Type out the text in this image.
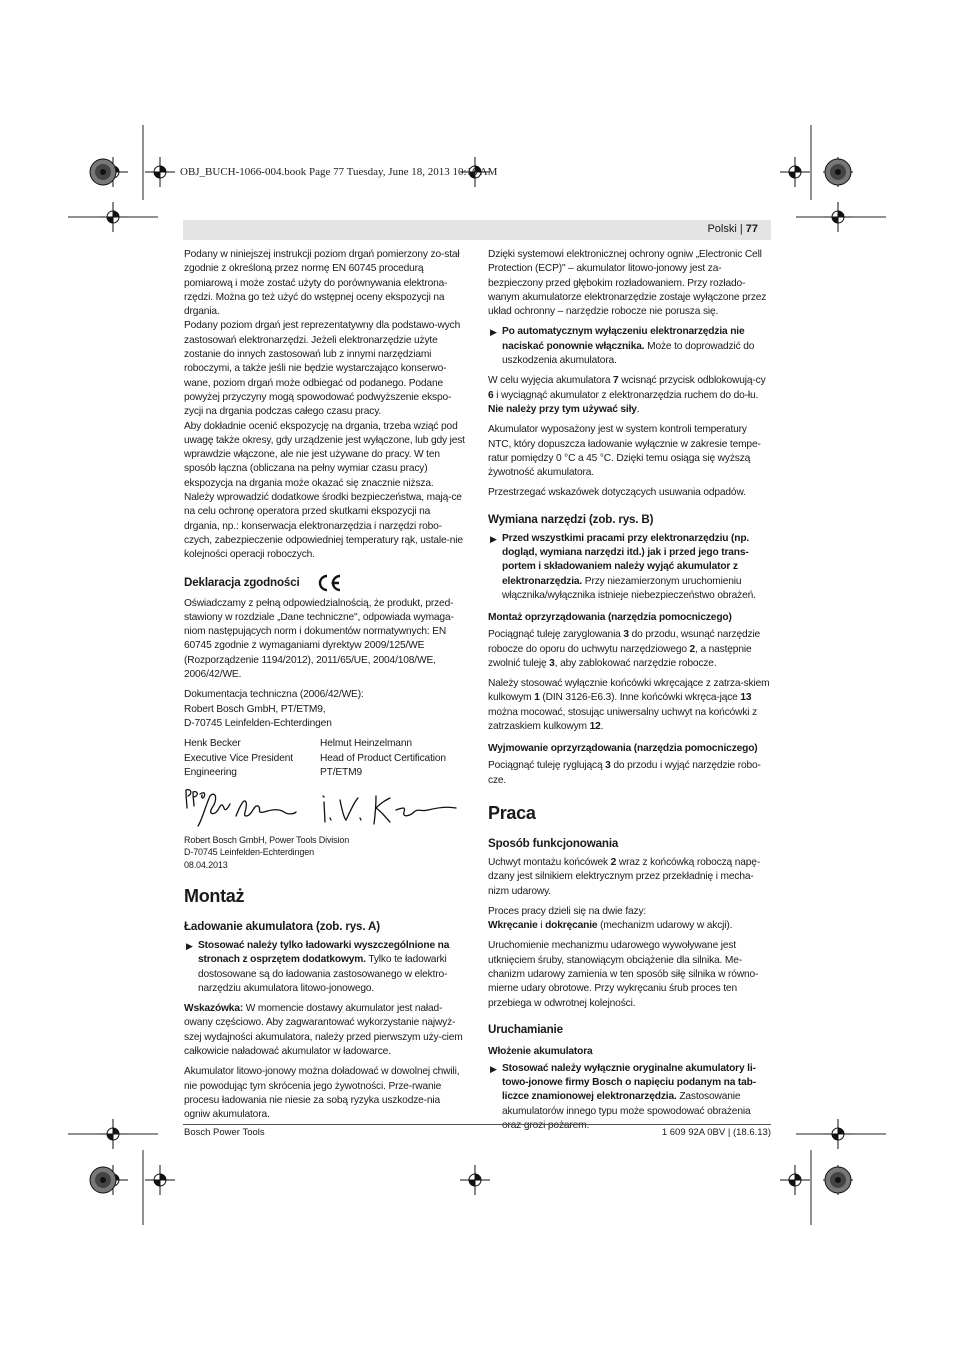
OBJ_BUCH-1066-004.book Page 77 Tuesday, June 18, 2013 10:16 AM
Polski | 77

Podany w niniejszej instrukcji poziom drgań pomierzony zo-stał zgodnie z określoną przez normę EN 60745 procedurą pomiarową i może zostać użyty do porównywania elektrona-rzędzi. Można go też użyć do wstępnej oceny ekspozycji na drgania.

Podany poziom drgań jest reprezentatywny dla podstawo-wych zastosowań elektronarzędzi. Jeżeli elektronarzędzie użyte zostanie do innych zastosowań lub z innymi narzędziami roboczymi, a także jeśli nie będzie wystarczająco konserwo-wane, poziom drgań może odbiegać od podanego. Podane powyżej przyczyny mogą spowodować podwyższenie ekspo-zycji na drgania podczas całego czasu pracy.

Aby dokładnie ocenić ekspozycję na drgania, trzeba wziąć pod uwagę także okresy, gdy urządzenie jest wyłączone, lub gdy jest wprawdzie włączone, ale nie jest używane do pracy. W ten sposób łączna (obliczana na pełny wymiar czasu pracy) ekspozycja na drgania może okazać się znacznie niższa.

Należy wprowadzić dodatkowe środki bezpieczeństwa, mają-ce na celu ochronę operatora przed skutkami ekspozycji na drgania, np.: konserwacja elektronarzędzia i narzędzi robo-czych, zabezpieczenie odpowiedniej temperatury rąk, ustale-nie kolejności operacji roboczych.

Deklaracja zgodności

Oświadczamy z pełną odpowiedzialnością, że produkt, przed-stawiony w rozdziale „Dane techniczne", odpowiada wymaga-niom następujących norm i dokumentów normatywnych: EN 60745 zgodnie z wymaganiami dyrektyw 2009/125/WE (Rozporządzenie 1194/2012), 2011/65/UE, 2004/108/WE, 2006/42/WE.

Dokumentacja techniczna (2006/42/WE):

Robert Bosch GmbH, PT/ETM9,

D-70745 Leinfelden-Echterdingen

Henk Becker	Helmut Heinzelmann
Executive Vice President	Head of Product Certification
Engineering	PT/ETM9

Robert Bosch GmbH, Power Tools Division

D-70745 Leinfelden-Echterdingen

08.04.2013

Montaż
Ładowanie akumulatora (zob. rys. A)
▶ Stosować należy tylko ładowarki wyszczególnione na stronach z osprzętem dodatkowym. Tylko te ładowarki dostosowane są do ładowania zastosowanego w elektro-narzędziu akumulatora litowo-jonowego.

Wskazówka: W momencie dostawy akumulator jest naład-owany częściowo. Aby zagwarantować wykorzystanie najwyż-szej wydajności akumulatora, należy przed pierwszym uży-ciem całkowicie naładować akumulator w ładowarce.

Akumulator litowo-jonowy można doładować w dowolnej chwili, nie powodując tym skrócenia jego żywotności. Prze-rwanie procesu ładowania nie niesie za sobą ryzyka uszkodze-nia ogniw akumulatora.

Dzięki systemowi elektronicznej ochrony ogniw „Electronic Cell Protection (ECP)" – akumulator litowo-jonowy jest za-bezpieczony przed głębokim rozładowaniem. Przy rozłado-wanym akumulatorze elektronarzędzie zostaje wyłączone przez układ ochronny – narzędzie robocze nie porusza się.

▶ Po automatycznym wyłączeniu elektronarzędzia nie naciskać ponownie włącznika. Może to doprowadzić do uszkodzenia akumulatora.

W celu wyjęcia akumulatora 7 wcisnąć przycisk odblokowują-cy 6 i wyciągnąć akumulator z elektronarzędzia ruchem do do-łu. Nie należy przy tym używać siły.

Akumulator wyposażony jest w system kontroli temperatury NTC, który dopuszcza ładowanie wyłącznie w zakresie tempe-ratur pomiędzy 0 °C a 45 °C. Dzięki temu osiąga się wyższą żywotność akumulatora.

Przestrzegać wskazówek dotyczących usuwania odpadów.

Wymiana narzędzi (zob. rys. B)
▶ Przed wszystkimi pracami przy elektronarzędziu (np. dogląd, wymiana narzędzi itd.) jak i przed jego trans-portem i składowaniem należy wyjąć akumulator z elektronarzędzia. Przy niezamierzonym uruchomieniu włącznika/wyłącznika istnieje niebezpieczeństwo obrażeń.
Montaż oprzyrządowania (narzędzia pomocniczego)

Pociągnąć tuleję zaryglowania 3 do przodu, wsunąć narzędzie robocze do oporu do uchwytu narzędziowego 2, a następnie zwolnić tuleję 3, aby zablokować narzędzie robocze.

Należy stosować wyłącznie końcówki wkręcające z zatrza-skiem kulkowym 1 (DIN 3126-E6.3). Inne końcówki wkręca-jące 13 można mocować, stosując uniwersalny uchwyt na końcówki z zatrzaskiem kulkowym 12.

Wyjmowanie oprzyrządowania (narzędzia pomocniczego)

Pociągnąć tuleję ryglującą 3 do przodu i wyjąć narzędzie robo-cze.

Praca
Sposób funkcjonowania

Uchwyt montażu końcówek 2 wraz z końcówką roboczą napę-dzany jest silnikiem elektrycznym przez przekładnię i mecha-nizm udarowy.

Proces pracy dzieli się na dwie fazy:

Wkręcanie i dokręcanie (mechanizm udarowy w akcji).

Uruchomienie mechanizmu udarowego wywoływane jest utknięciem śruby, stanowiącym obciążenie dla silnika. Me-chanizm udarowy zamienia w ten sposób siłę silnika w równo-mierne udary obrotowe. Przy wykręcaniu śrub proces ten przebiega w odwrotnej kolejności.

Uruchamianie
Włożenie akumulatora
▶ Stosować należy wyłącznie oryginalne akumulatory li-towo-jonowe firmy Bosch o napięciu podanym na tab-liczce znamionowej elektronarzędzia. Zastosowanie akumulatorów innego typu może spowodować obrażenia oraz grozi pożarem.
Bosch Power Tools	1 609 92A 0BV | (18.6.13)
